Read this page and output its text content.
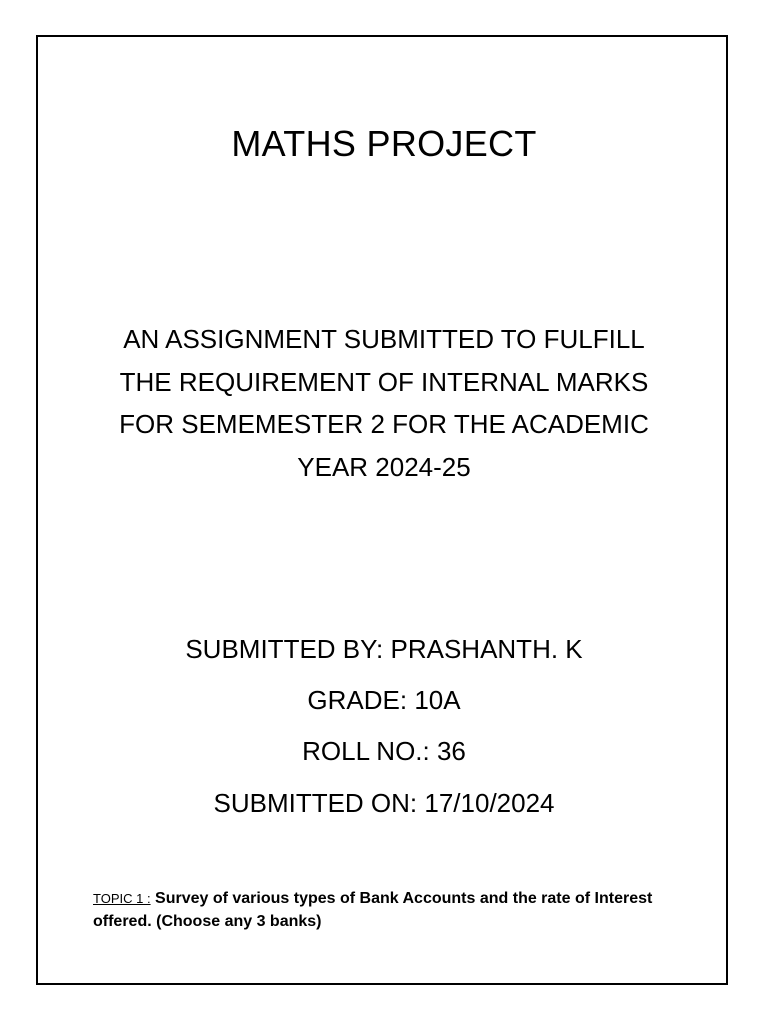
MATHS PROJECT
AN ASSIGNMENT SUBMITTED TO FULFILL
THE REQUIREMENT OF INTERNAL MARKS
FOR SEMEMESTER 2 FOR THE ACADEMIC
YEAR 2024-25
SUBMITTED BY: PRASHANTH. K
GRADE: 10A
ROLL NO.: 36
SUBMITTED ON: 17/10/2024
TOPIC 1 : Survey of various types of Bank Accounts and the rate of Interest offered. (Choose any 3 banks)
